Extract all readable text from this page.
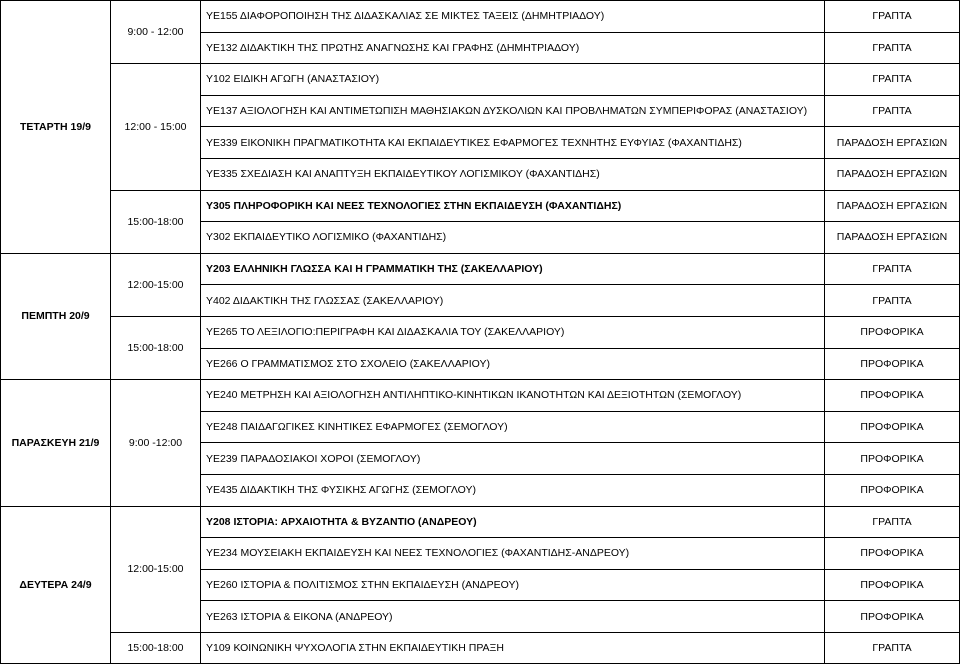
ΤΕΤΑΡΤΗ 19/9	9:00 - 12:00	ΥΕ155 ΔΙΑΦΟΡΟΠΟΙΗΣΗ ΤΗΣ ΔΙΔΑΣΚΑΛΙΑΣ ΣΕ ΜΙΚΤΕΣ ΤΑΞΕΙΣ (ΔΗΜΗΤΡΙΑΔΟΥ)	ΓΡΑΠΤΑ
		ΥΕ132 ΔΙΔΑΚΤΙΚΗ ΤΗΣ ΠΡΩΤΗΣ ΑΝΑΓΝΩΣΗΣ ΚΑΙ ΓΡΑΦΗΣ (ΔΗΜΗΤΡΙΑΔΟΥ)	ΓΡΑΠΤΑ
	12:00 - 15:00	Υ102 ΕΙΔΙΚΗ ΑΓΩΓΗ (ΑΝΑΣΤΑΣΙΟΥ)	ΓΡΑΠΤΑ
		ΥΕ137 ΑΞΙΟΛΟΓΗΣΗ ΚΑΙ ΑΝΤΙΜΕΤΩΠΙΣΗ ΜΑΘΗΣΙΑΚΩΝ ΔΥΣΚΟΛΙΩΝ ΚΑΙ ΠΡΟΒΛΗΜΑΤΩΝ ΣΥΜΠΕΡΙΦΟΡΑΣ (ΑΝΑΣΤΑΣΙΟΥ)	ΓΡΑΠΤΑ
		ΥΕ339 ΕΙΚΟΝΙΚΗ ΠΡΑΓΜΑΤΙΚΟΤΗΤΑ ΚΑΙ ΕΚΠΑΙΔΕΥΤΙΚΕΣ ΕΦΑΡΜΟΓΕΣ ΤΕΧΝΗΤΗΣ ΕΥΦΥΙΑΣ (ΦΑΧΑΝΤΙΔΗΣ)	ΠΑΡΑΔΟΣΗ ΕΡΓΑΣΙΩΝ
		ΥΕ335 ΣΧΕΔΙΑΣΗ ΚΑΙ ΑΝΑΠΤΥΞΗ ΕΚΠΑΙΔΕΥΤΙΚΟΥ ΛΟΓΙΣΜΙΚΟΥ (ΦΑΧΑΝΤΙΔΗΣ)	ΠΑΡΑΔΟΣΗ ΕΡΓΑΣΙΩΝ
	15:00-18:00	Υ305 ΠΛΗΡΟΦΟΡΙΚΗ ΚΑΙ ΝΕΕΣ ΤΕΧΝΟΛΟΓΙΕΣ ΣΤΗΝ ΕΚΠΑΙΔΕΥΣΗ (ΦΑΧΑΝΤΙΔΗΣ)	ΠΑΡΑΔΟΣΗ ΕΡΓΑΣΙΩΝ
		Υ302 ΕΚΠΑΙΔΕΥΤΙΚΟ ΛΟΓΙΣΜΙΚΟ (ΦΑΧΑΝΤΙΔΗΣ)	ΠΑΡΑΔΟΣΗ ΕΡΓΑΣΙΩΝ
ΠΕΜΠΤΗ 20/9	12:00-15:00	Υ203 ΕΛΛΗΝΙΚΗ ΓΛΩΣΣΑ ΚΑΙ Η ΓΡΑΜΜΑΤΙΚΗ ΤΗΣ (ΣΑΚΕΛΛΑΡΙΟΥ)	ΓΡΑΠΤΑ
		Υ402 ΔΙΔΑΚΤΙΚΗ ΤΗΣ ΓΛΩΣΣΑΣ (ΣΑΚΕΛΛΑΡΙΟΥ)	ΓΡΑΠΤΑ
	15:00-18:00	ΥΕ265 ΤΟ ΛΕΞΙΛΟΓΙΟ:ΠΕΡΙΓΡΑΦΗ ΚΑΙ ΔΙΔΑΣΚΑΛΙΑ ΤΟΥ (ΣΑΚΕΛΛΑΡΙΟΥ)	ΠΡΟΦΟΡΙΚΑ
		ΥΕ266 Ο ΓΡΑΜΜΑΤΙΣΜΟΣ ΣΤΟ ΣΧΟΛΕΙΟ (ΣΑΚΕΛΛΑΡΙΟΥ)	ΠΡΟΦΟΡΙΚΑ
ΠΑΡΑΣΚΕΥΗ 21/9	9:00 -12:00	ΥΕ240 ΜΕΤΡΗΣΗ ΚΑΙ ΑΞΙΟΛΟΓΗΣΗ ΑΝΤΙΛΗΠΤΙΚΟ-ΚΙΝΗΤΙΚΩΝ ΙΚΑΝΟΤΗΤΩΝ ΚΑΙ ΔΕΞΙΟΤΗΤΩΝ (ΣΕΜΟΓΛΟΥ)	ΠΡΟΦΟΡΙΚΑ
		ΥΕ248 ΠΑΙΔΑΓΩΓΙΚΕΣ ΚΙΝΗΤΙΚΕΣ ΕΦΑΡΜΟΓΕΣ (ΣΕΜΟΓΛΟΥ)	ΠΡΟΦΟΡΙΚΑ
		ΥΕ239 ΠΑΡΑΔΟΣΙΑΚΟΙ ΧΟΡΟΙ (ΣΕΜΟΓΛΟΥ)	ΠΡΟΦΟΡΙΚΑ
		ΥΕ435 ΔΙΔΑΚΤΙΚΗ ΤΗΣ ΦΥΣΙΚΗΣ ΑΓΩΓΗΣ (ΣΕΜΟΓΛΟΥ)	ΠΡΟΦΟΡΙΚΑ
ΔΕΥΤΕΡΑ 24/9	12:00-15:00	Υ208 ΙΣΤΟΡΙΑ: ΑΡΧΑΙΟΤΗΤΑ & ΒΥΖΑΝΤΙΟ (ΑΝΔΡΕΟΥ)	ΓΡΑΠΤΑ
		ΥΕ234 ΜΟΥΣΕΙΑΚΗ ΕΚΠΑΙΔΕΥΣΗ ΚΑΙ ΝΕΕΣ ΤΕΧΝΟΛΟΓΙΕΣ (ΦΑΧΑΝΤΙΔΗΣ-ΑΝΔΡΕΟΥ)	ΠΡΟΦΟΡΙΚΑ
		ΥΕ260 ΙΣΤΟΡΙΑ & ΠΟΛΙΤΙΣΜΟΣ ΣΤΗΝ ΕΚΠΑΙΔΕΥΣΗ (ΑΝΔΡΕΟΥ)	ΠΡΟΦΟΡΙΚΑ
		ΥΕ263 ΙΣΤΟΡΙΑ & ΕΙΚΟΝΑ (ΑΝΔΡΕΟΥ)	ΠΡΟΦΟΡΙΚΑ
	15:00-18:00	Υ109 ΚΟΙΝΩΝΙΚΗ ΨΥΧΟΛΟΓΙΑ ΣΤΗΝ ΕΚΠΑΙΔΕΥΤΙΚΗ ΠΡΑΞΗ	ΓΡΑΠΤΑ
